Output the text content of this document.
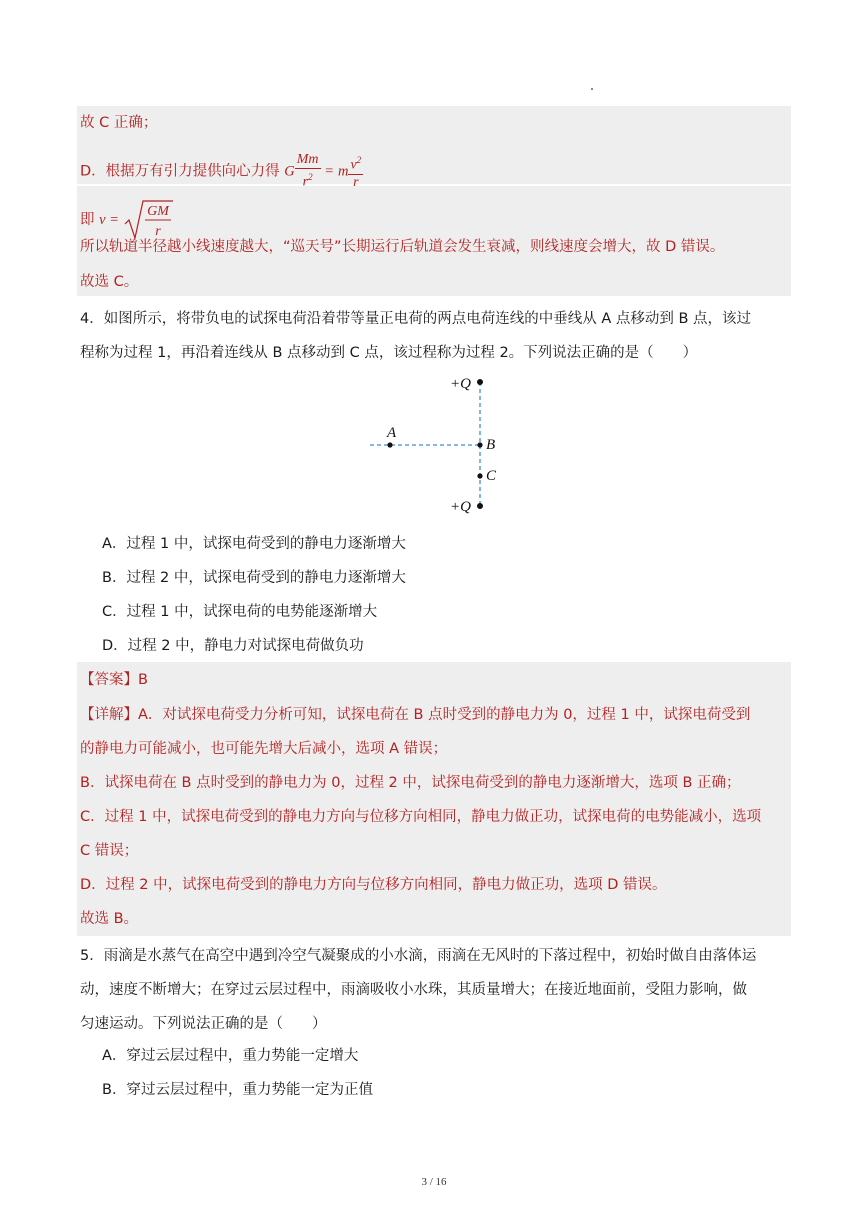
故 C 正确；
D．根据万有引力提供向心力得 G $\frac{Mm}{r^2} = m \frac{v^2}{r}$
即 v =
GM
r
所以轨道半径越小线速度越大，“巡天号”长期运行后轨道会发生衰减，则线速度会增大，故 D 错误。
故选 C。
4．如图所示，将带负电的试探电荷沿着带等量正电荷的两点电荷连线的中垂线从 A 点移动到 B 点，该过
程称为过程 1，再沿着连线从 B 点移动到 C 点，该过程称为过程 2。下列说法正确的是（　　）
+Q
+Q
A
B
C
A．过程 1 中，试探电荷受到的静电力逐渐增大
B．过程 2 中，试探电荷受到的静电力逐渐增大
C．过程 1 中，试探电荷的电势能逐渐增大
D．过程 2 中，静电力对试探电荷做负功
【答案】B
【详解】A．对试探电荷受力分析可知，试探电荷在 B 点时受到的静电力为 0，过程 1 中，试探电荷受到
的静电力可能减小，也可能先增大后减小，选项 A 错误；
B．试探电荷在 B 点时受到的静电力为 0，过程 2 中，试探电荷受到的静电力逐渐增大，选项 B 正确；
C．过程 1 中，试探电荷受到的静电力方向与位移方向相同，静电力做正功，试探电荷的电势能减小，选项
C 错误；
D．过程 2 中，试探电荷受到的静电力方向与位移方向相同，静电力做正功，选项 D 错误。
故选 B。
5．雨滴是水蒸气在高空中遇到冷空气凝聚成的小水滴，雨滴在无风时的下落过程中，初始时做自由落体运
动，速度不断增大；在穿过云层过程中，雨滴吸收小水珠，其质量增大；在接近地面前，受阻力影响，做
匀速运动。下列说法正确的是（　　）
A．穿过云层过程中，重力势能一定增大
B．穿过云层过程中，重力势能一定为正值
3 / 16
